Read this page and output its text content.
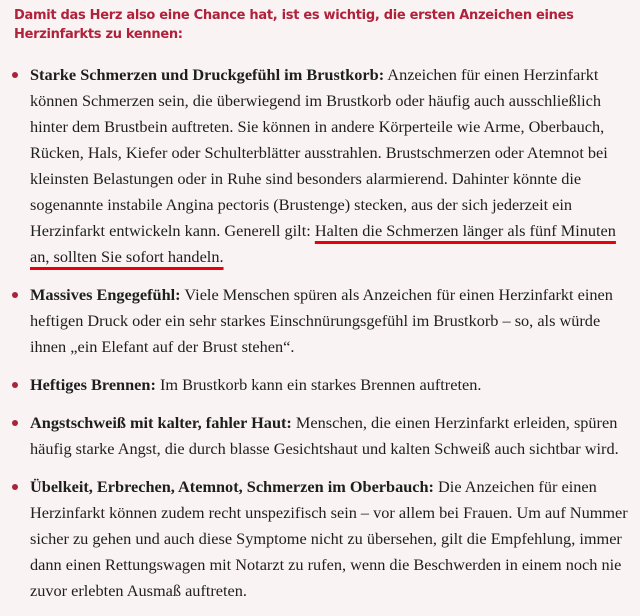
Damit das Herz also eine Chance hat, ist es wichtig, die ersten Anzeichen eines Herzinfarkts zu kennen:

Starke Schmerzen und Druckgefühl im Brustkorb: Anzeichen für einen Herzinfarkt können Schmerzen sein, die überwiegend im Brustkorb oder häufig auch ausschließlich hinter dem Brustbein auftreten. Sie können in andere Körperteile wie Arme, Oberbauch, Rücken, Hals, Kiefer oder Schulterblätter ausstrahlen. Brustschmerzen oder Atemnot bei kleinsten Belastungen oder in Ruhe sind besonders alarmierend. Dahinter könnte die sogenannte instabile Angina pectoris (Brustenge) stecken, aus der sich jederzeit ein Herzinfarkt entwickeln kann. Generell gilt: Halten die Schmerzen länger als fünf Minuten an, sollten Sie sofort handeln.
Massives Engegefühl: Viele Menschen spüren als Anzeichen für einen Herzinfarkt einen heftigen Druck oder ein sehr starkes Einschnürungsgefühl im Brustkorb – so, als würde ihnen „ein Elefant auf der Brust stehen“.
Heftiges Brennen: Im Brustkorb kann ein starkes Brennen auftreten.
Angstschweiß mit kalter, fahler Haut: Menschen, die einen Herzinfarkt erleiden, spüren häufig starke Angst, die durch blasse Gesichtshaut und kalten Schweiß auch sichtbar wird.
Übelkeit, Erbrechen, Atemnot, Schmerzen im Oberbauch: Die Anzeichen für einen Herzinfarkt können zudem recht unspezifisch sein – vor allem bei Frauen. Um auf Nummer sicher zu gehen und auch diese Symptome nicht zu übersehen, gilt die Empfehlung, immer dann einen Rettungswagen mit Notarzt zu rufen, wenn die Beschwerden in einem noch nie zuvor erlebten Ausmaß auftreten.
